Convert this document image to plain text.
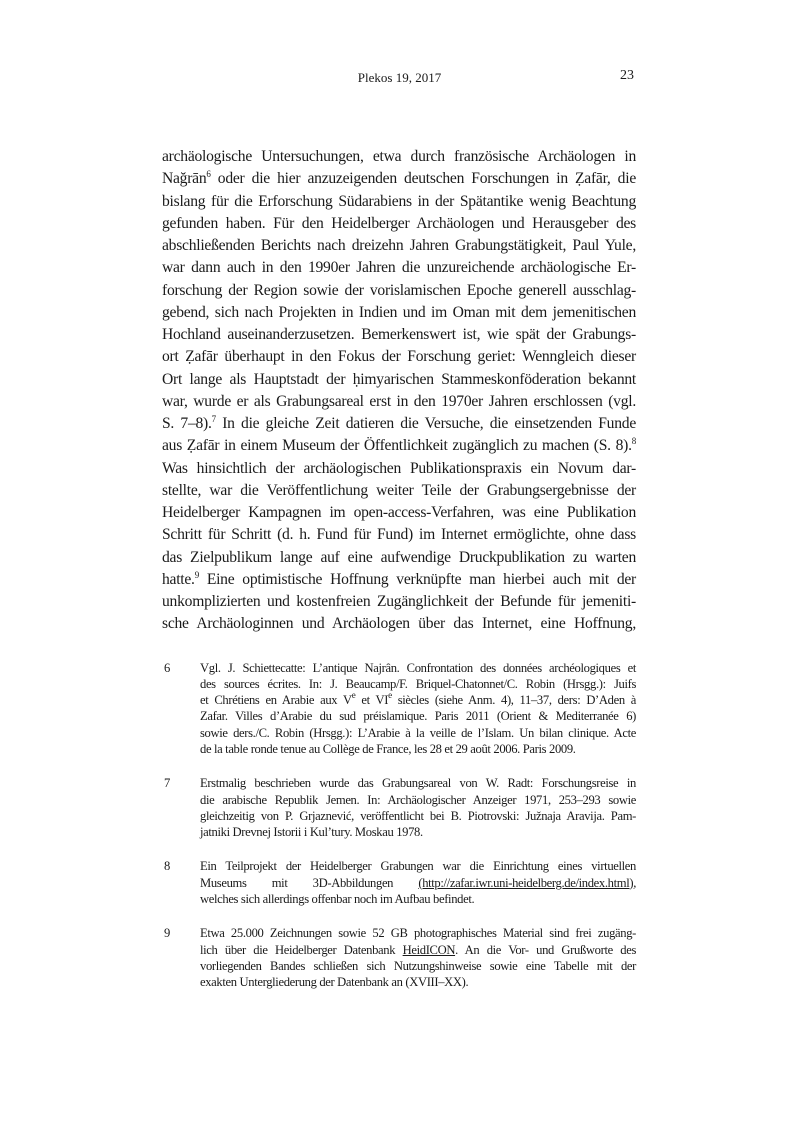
Plekos 19, 2017	23
archäologische Untersuchungen, etwa durch französische Archäologen in
Nağrān$^6$ oder die hier anzuzeigenden deutschen Forschungen in Ẓafār, die
bislang für die Erforschung Südarabiens in der Spätantike wenig Beachtung
gefunden haben. Für den Heidelberger Archäologen und Herausgeber des
abschließenden Berichts nach dreizehn Jahren Grabungstätigkeit, Paul Yule,
war dann auch in den 1990er Jahren die unzureichende archäologische Er-
forschung der Region sowie der vorislamischen Epoche generell ausschlag-
gebend, sich nach Projekten in Indien und im Oman mit dem jemenitischen
Hochland auseinanderzusetzen. Bemerkenswert ist, wie spät der Grabungs-
ort Ẓafār überhaupt in den Fokus der Forschung geriet: Wenngleich dieser
Ort lange als Hauptstadt der ḥimyarischen Stammeskonföderation bekannt
war, wurde er als Grabungsareal erst in den 1970er Jahren erschlossen (vgl.
S. 7–8).$^7$ In die gleiche Zeit datieren die Versuche, die einsetzenden Funde
aus Ẓafār in einem Museum der Öffentlichkeit zugänglich zu machen (S. 8).$^8$
Was hinsichtlich der archäologischen Publikationspraxis ein Novum dar-
stellte, war die Veröffentlichung weiter Teile der Grabungsergebnisse der
Heidelberger Kampagnen im open-access-Verfahren, was eine Publikation
Schritt für Schritt (d. h. Fund für Fund) im Internet ermöglichte, ohne dass
das Zielpublikum lange auf eine aufwendige Druckpublikation zu warten
hatte.$^9$ Eine optimistische Hoffnung verknüpfte man hierbei auch mit der
unkomplizierten und kostenfreien Zugänglichkeit der Befunde für jemeniti-
sche Archäologinnen und Archäologen über das Internet, eine Hoffnung,
6 Vgl. J. Schiettecatte: L’antique Najrân. Confrontation des données archéologiques et
des sources écrites. In: J. Beaucamp/F. Briquel-Chatonnet/C. Robin (Hrsgg.): Juifs
et Chrétiens en Arabie aux Ve et VIe siècles (siehe Anm. 4), 11–37, ders: D’Aden à
Zafar. Villes d’Arabie du sud préislamique. Paris 2011 (Orient & Mediterranée 6)
sowie ders./C. Robin (Hrsgg.): L’Arabie à la veille de l’Islam. Un bilan clinique. Acte
de la table ronde tenue au Collège de France, les 28 et 29 août 2006. Paris 2009.
7 Erstmalig beschrieben wurde das Grabungsareal von W. Radt: Forschungsreise in
die arabische Republik Jemen. In: Archäologischer Anzeiger 1971, 253–293 sowie
gleichzeitig von P. Grjaznević, veröffentlicht bei B. Piotrovski: Južnaja Aravija. Pam-
jatniki Drevnej Istorii i Kul’tury. Moskau 1978.
8 Ein Teilprojekt der Heidelberger Grabungen war die Einrichtung eines virtuellen
Museums mit 3D-Abbildungen (http://zafar.iwr.uni-heidelberg.de/index.html),
welches sich allerdings offenbar noch im Aufbau befindet.
9 Etwa 25.000 Zeichnungen sowie 52 GB photographisches Material sind frei zugäng-
lich über die Heidelberger Datenbank HeidICON. An die Vor- und Grußworte des
vorliegenden Bandes schließen sich Nutzungshinweise sowie eine Tabelle mit der
exakten Untergliederung der Datenbank an (XVIII–XX).
